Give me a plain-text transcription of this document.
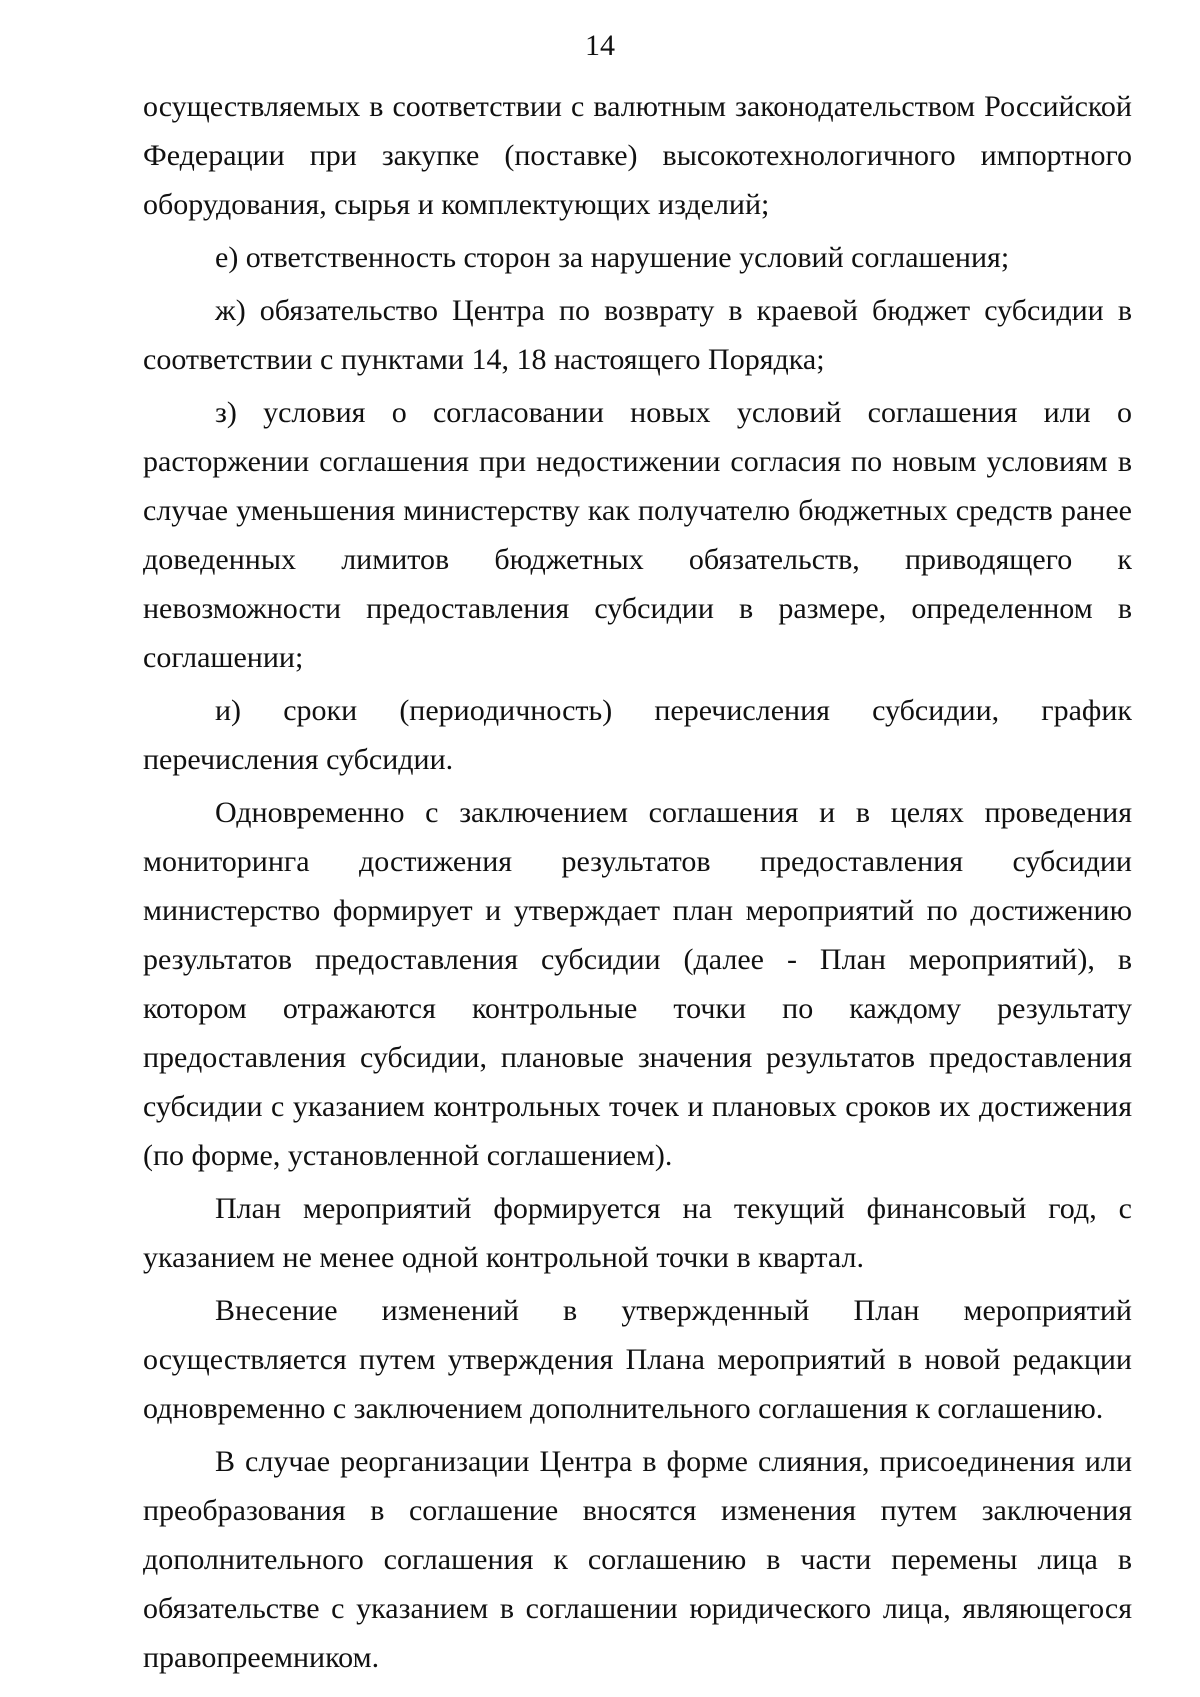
14

осуществляемых в соответствии с валютным законодательством Российской Федерации при закупке (поставке) высокотехнологичного импортного оборудования, сырья и комплектующих изделий;

е) ответственность сторон за нарушение условий соглашения;

ж) обязательство Центра по возврату в краевой бюджет субсидии в соответствии с пунктами 14, 18 настоящего Порядка;

з) условия о согласовании новых условий соглашения или о расторжении соглашения при недостижении согласия по новым условиям в случае уменьшения министерству как получателю бюджетных средств ранее доведенных лимитов бюджетных обязательств, приводящего к невозможности предоставления субсидии в размере, определенном в соглашении;

и) сроки (периодичность) перечисления субсидии, график перечисления субсидии.

Одновременно с заключением соглашения и в целях проведения мониторинга достижения результатов предоставления субсидии министерство формирует и утверждает план мероприятий по достижению результатов предоставления субсидии (далее - План мероприятий), в котором отражаются контрольные точки по каждому результату предоставления субсидии, плановые значения результатов предоставления субсидии с указанием контрольных точек и плановых сроков их достижения (по форме, установленной соглашением).

План мероприятий формируется на текущий финансовый год, с указанием не менее одной контрольной точки в квартал.

Внесение изменений в утвержденный План мероприятий осуществляется путем утверждения Плана мероприятий в новой редакции одновременно с заключением дополнительного соглашения к соглашению.

В случае реорганизации Центра в форме слияния, присоединения или преобразования в соглашение вносятся изменения путем заключения дополнительного соглашения к соглашению в части перемены лица в обязательстве с указанием в соглашении юридического лица, являющегося правопреемником.
